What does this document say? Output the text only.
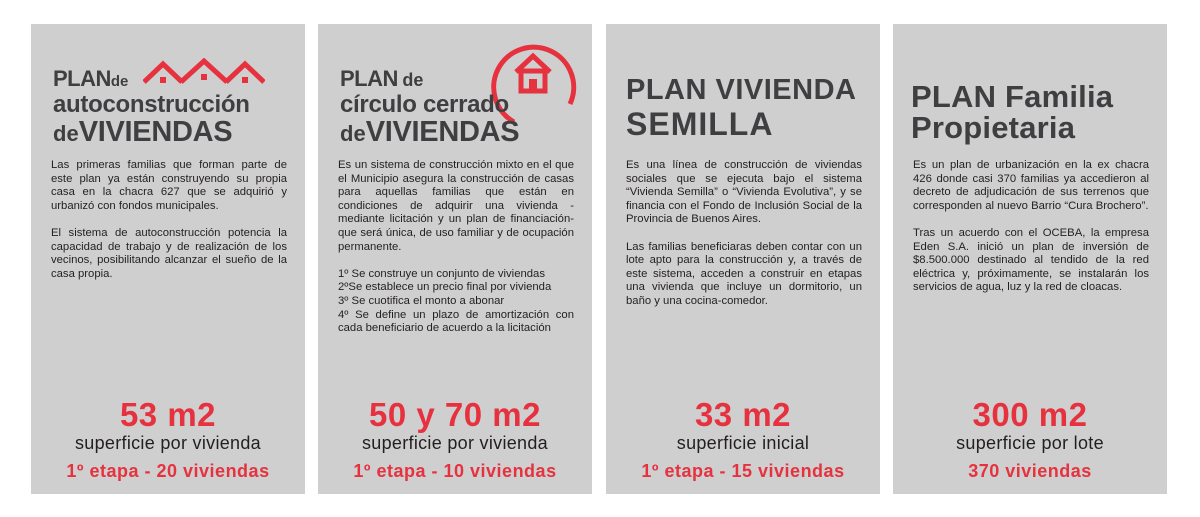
PLANde
autoconstrucción
deVIVIENDAS

Las primeras familias que forman parte de este plan ya están construyendo su propia casa en la chacra 627 que se adquirió y urbanizó con fondos municipales.

El sistema de autoconstrucción potencia la capacidad de trabajo y de realización de los vecinos, posibilitando alcanzar el sueño de la casa propia.

53 m2
superficie por vivienda
1º etapa - 20 viviendas
PLAN de
círculo cerrado
deVIVIENDAS

Es un sistema de construcción mixto en el que el Municipio asegura la construcción de casas para aquellas familias que están en condiciones de adquirir una vivienda -mediante licitación y un plan de financiación- que será única, de uso familiar y de ocupación permanente.

1º Se construye un conjunto de viviendas
2ºSe establece un precio final por vivienda
3º Se cuotifica el monto a abonar
4º Se define un plazo de amortización con cada beneficiario de acuerdo a la licitación
50 y 70 m2
superficie por vivienda
1º etapa - 10 viviendas
PLAN VIVIENDA
SEMILLA

Es una línea de construcción de viviendas sociales que se ejecuta bajo el sistema “Vivienda Semilla” o “Vivienda Evolutiva”, y se financia con el Fondo de Inclusión Social de la Provincia de Buenos Aires.

Las familias beneficiaras deben contar con un lote apto para la construcción y, a través de este sistema, acceden a construir en etapas una vivienda que incluye un dormitorio, un baño y una cocina-comedor.

33 m2
superficie inicial
1º etapa - 15 viviendas
PLAN Familia
Propietaria

Es un plan de urbanización en la ex chacra 426 donde casi 370 familias ya accedieron al decreto de adjudicación de sus terrenos que corresponden al nuevo Barrio “Cura Brochero”.

Tras un acuerdo con el OCEBA, la empresa Eden S.A. inició un plan de inversión de $8.500.000 destinado al tendido de la red eléctrica y, próximamente, se instalarán los servicios de agua, luz y la red de cloacas.

300 m2
superficie por lote
370 viviendas
